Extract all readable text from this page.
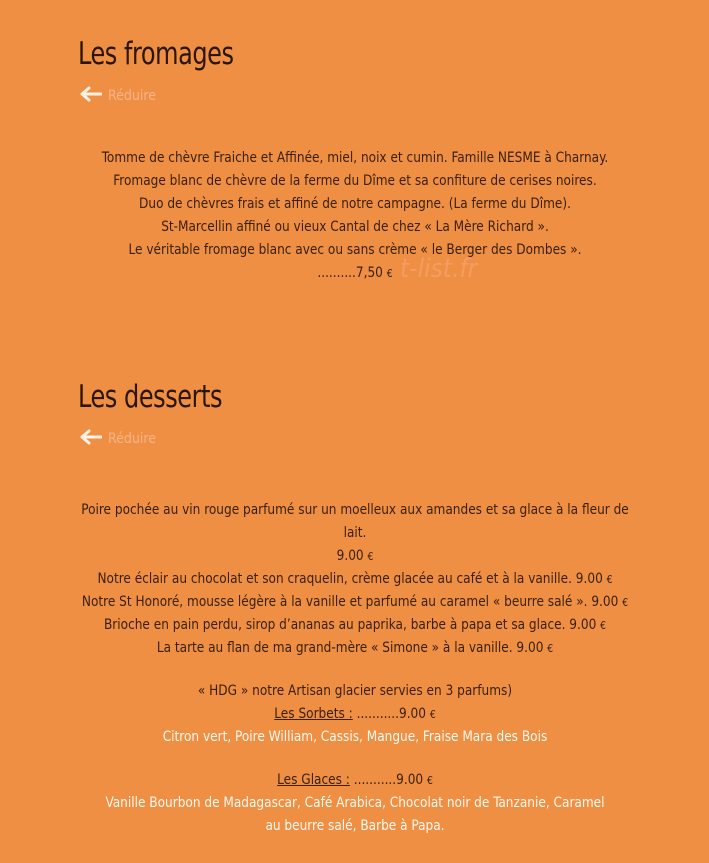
Les fromages
Réduire

Tomme de chèvre Fraiche et Affinée, miel, noix et cumin. Famille NESME à Charnay.

Fromage blanc de chèvre de la ferme du Dîme et sa confiture de cerises noires.

Duo de chèvres frais et affiné de notre campagne. (La ferme du Dîme).

St-Marcellin affiné ou vieux Cantal de chez « La Mère Richard ».

Le véritable fromage blanc avec ou sans crème « le Berger des Dombes ».

..........7,50 € t-list.fr
Les desserts
Réduire

Poire pochée au vin rouge parfumé sur un moelleux aux amandes et sa glace à la fleur de lait.

9.00 €

Notre éclair au chocolat et son craquelin, crème glacée au café et à la vanille. 9.00 €

Notre St Honoré, mousse légère à la vanille et parfumé au caramel « beurre salé ». 9.00 €

Brioche en pain perdu, sirop d’ananas au paprika, barbe à papa et sa glace. 9.00 €

La tarte au flan de ma grand-mère « Simone » à la vanille. 9.00 €

« HDG » notre Artisan glacier servies en 3 parfums)

Les Sorbets : ...........9.00 €

Citron vert, Poire William, Cassis, Mangue, Fraise Mara des Bois

Les Glaces : ...........9.00 €

Vanille Bourbon de Madagascar, Café Arabica, Chocolat noir de Tanzanie, Caramel au beurre salé, Barbe à Papa.
